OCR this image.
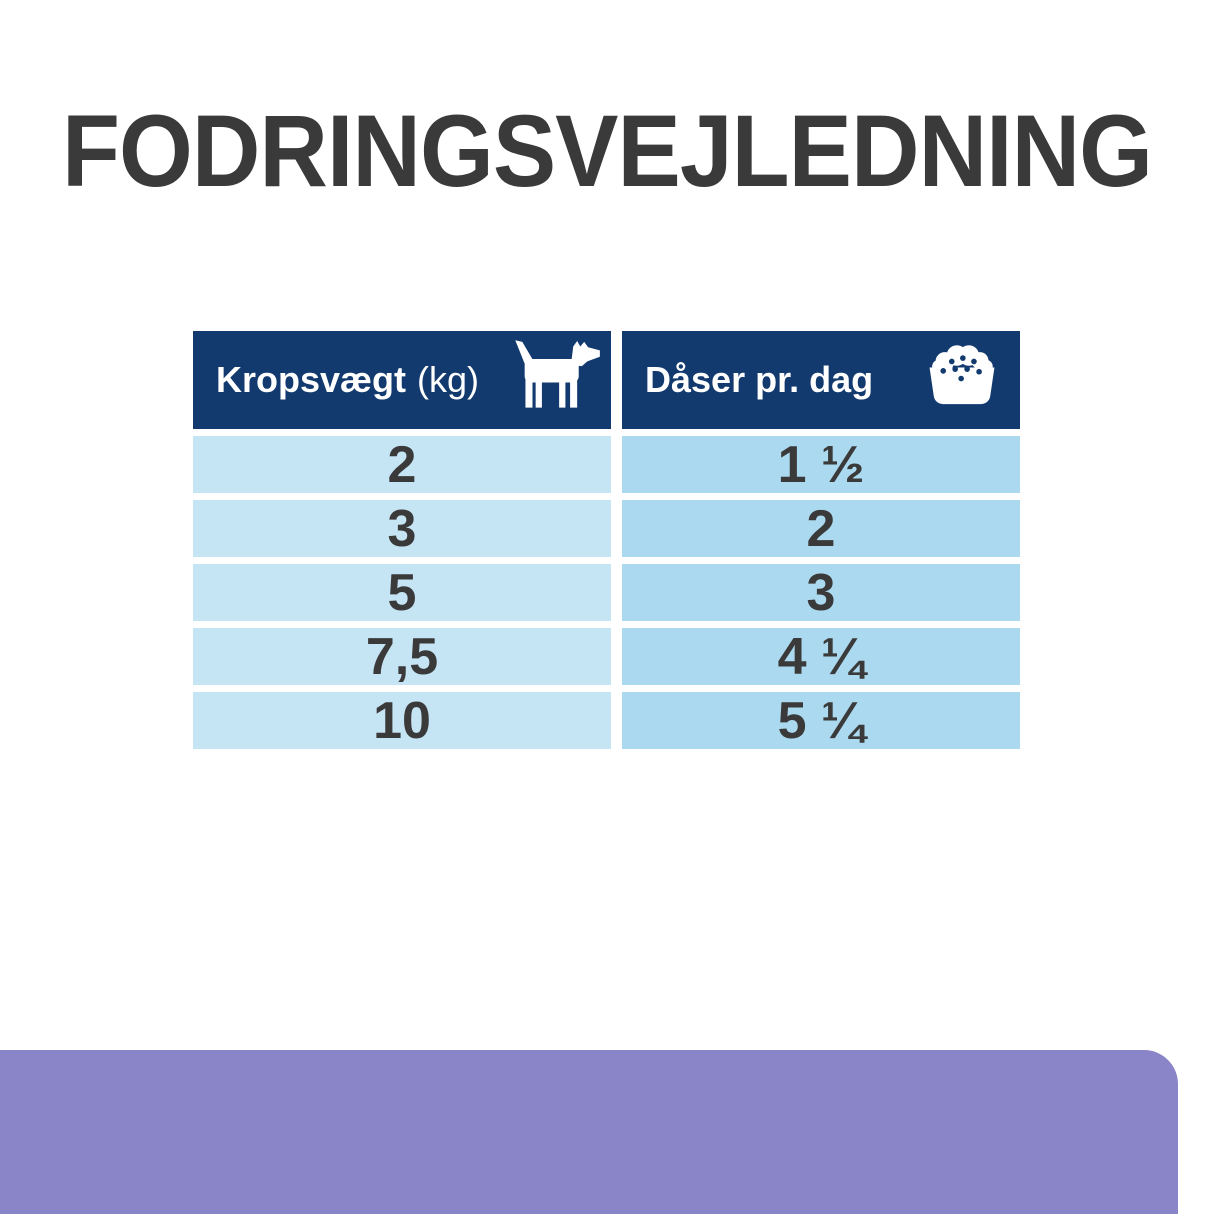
FODRINGSVEJLEDNING
Kropsvægt (kg)	Dåser pr. dag
2	1 ½
3	2
5	3
7,5	4 ¼
10	5 ¼
